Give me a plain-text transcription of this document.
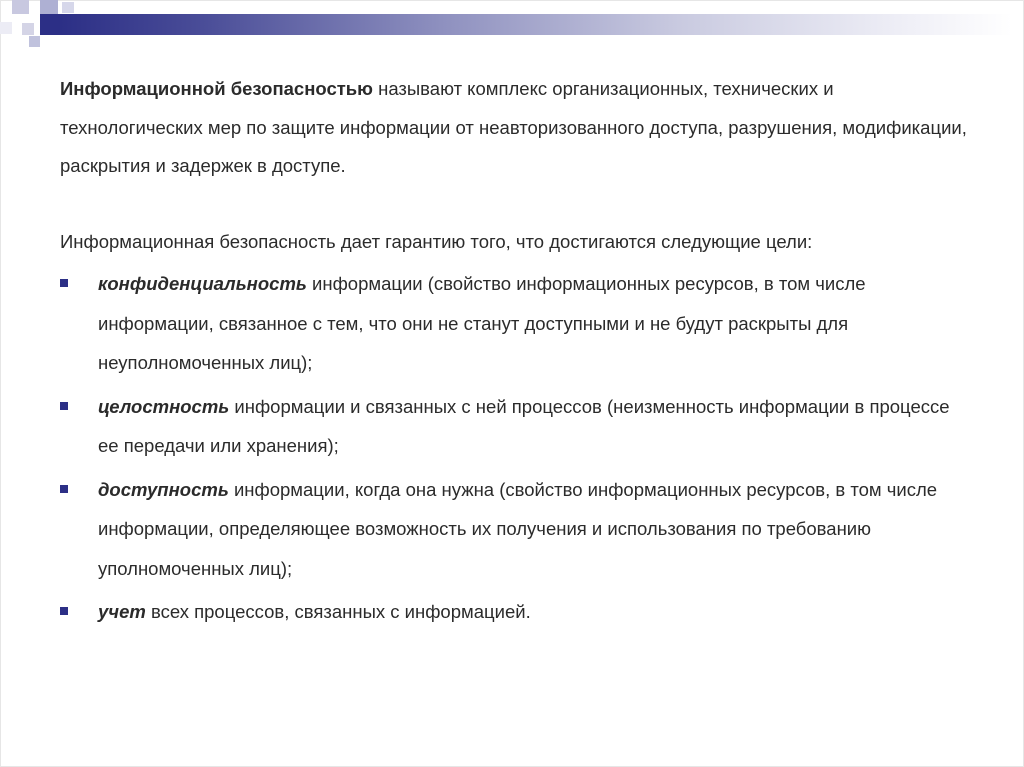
Информационной безопасностью называют комплекс организационных, технических и технологических мер по защите информации от неавторизованного доступа, разрушения, модификации, раскрытия и задержек в доступе.

Информационная безопасность дает гарантию того, что достигаются следующие цели:

конфиденциальность информации (свойство информационных ресурсов, в том числе информации, связанное с тем, что они не станут доступными и не будут раскрыты для неуполномоченных лиц);
целостность информации и связанных с ней процессов (неизменность информации в процессе ее передачи или хранения);
доступность информации, когда она нужна (свойство информационных ресурсов, в том числе информации, определяющее возможность их получения и использования по требованию уполномоченных лиц);
учет всех процессов, связанных с информацией.
